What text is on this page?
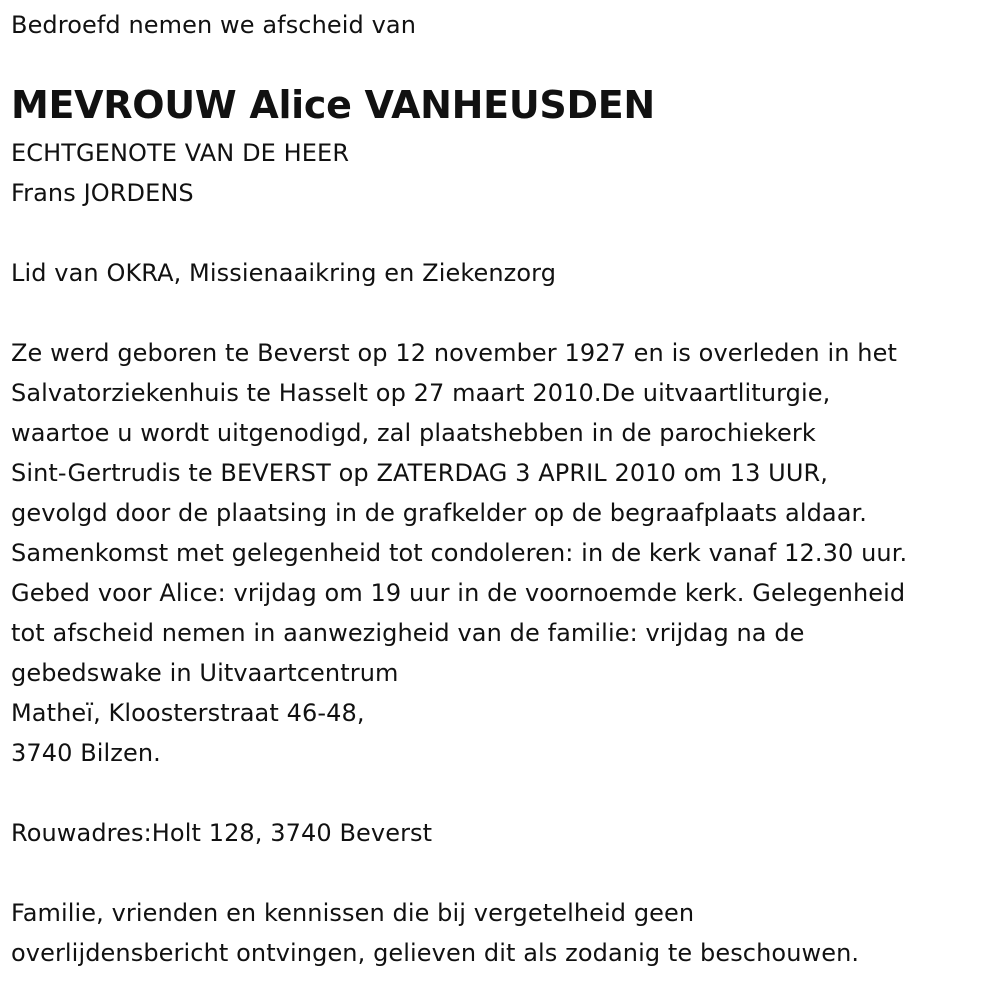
Bedroefd nemen we afscheid van
MEVROUW Alice VANHEUSDEN
ECHTGENOTE VAN DE HEER
Frans JORDENS
Lid van OKRA, Missienaaikring en Ziekenzorg
Ze werd geboren te Beverst op 12 november 1927 en is overleden in het
Salvatorziekenhuis te Hasselt op 27 maart 2010.De uitvaartliturgie,
waartoe u wordt uitgenodigd, zal plaatshebben in de parochiekerk
Sint-Gertrudis te BEVERST op ZATERDAG 3 APRIL 2010 om 13 UUR,
gevolgd door de plaatsing in de grafkelder op de begraafplaats aldaar.
Samenkomst met gelegenheid tot condoleren: in de kerk vanaf 12.30 uur.
Gebed voor Alice: vrijdag om 19 uur in de voornoemde kerk. Gelegenheid
tot afscheid nemen in aanwezigheid van de familie: vrijdag na de
gebedswake in Uitvaartcentrum
Matheï, Kloosterstraat 46-48,
3740 Bilzen.
Rouwadres:Holt 128, 3740 Beverst
Familie, vrienden en kennissen die bij vergetelheid geen
overlijdensbericht ontvingen, gelieven dit als zodanig te beschouwen.
